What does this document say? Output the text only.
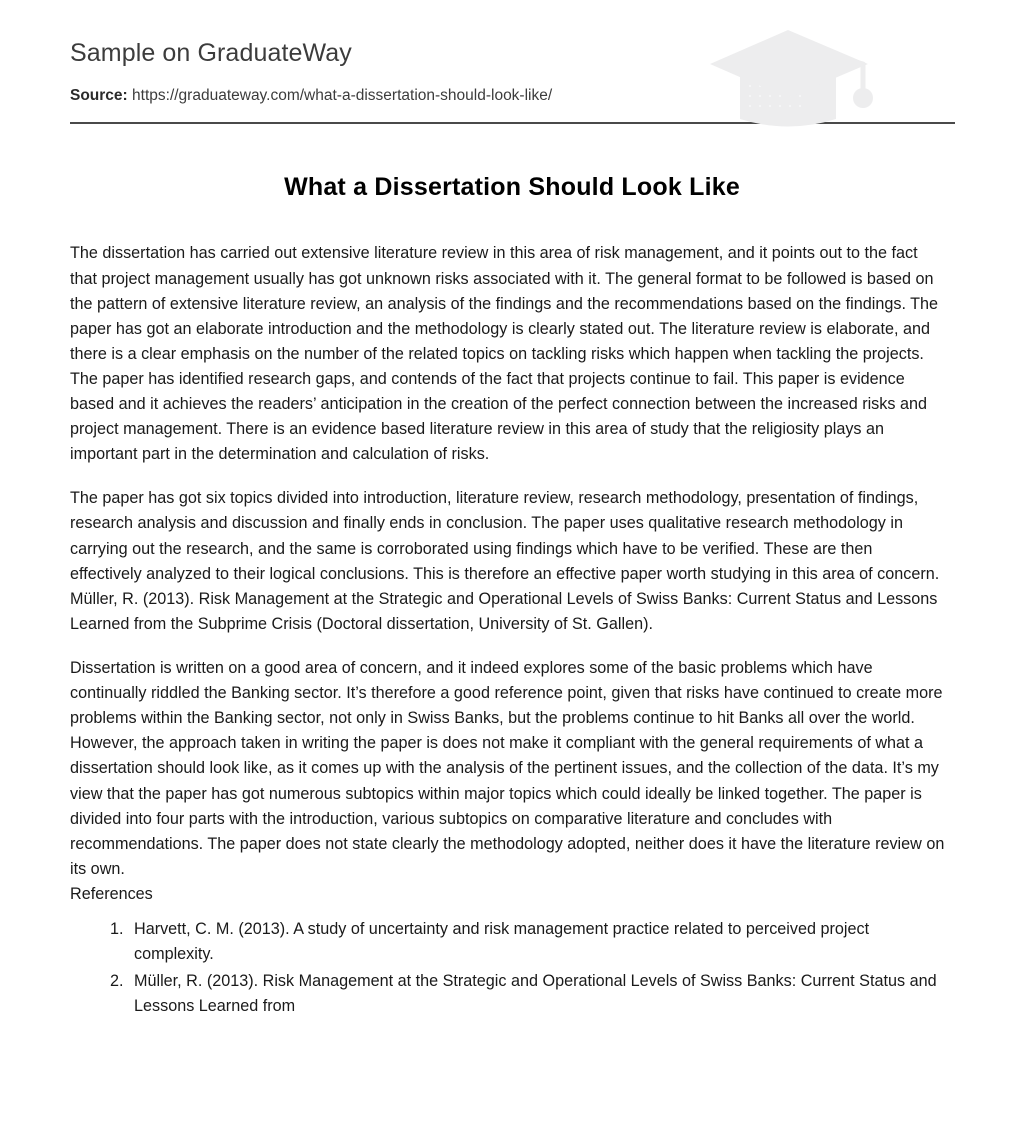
Sample on GraduateWay
Source: https://graduateway.com/what-a-dissertation-should-look-like/
What a Dissertation Should Look Like

The dissertation has carried out extensive literature review in this area of risk management, and it points out to the fact that project management usually has got unknown risks associated with it. The general format to be followed is based on the pattern of extensive literature review, an analysis of the findings and the recommendations based on the findings. The paper has got an elaborate introduction and the methodology is clearly stated out. The literature review is elaborate, and there is a clear emphasis on the number of the related topics on tackling risks which happen when tackling the projects. The paper has identified research gaps, and contends of the fact that projects continue to fail. This paper is evidence based and it achieves the readers’ anticipation in the creation of the perfect connection between the increased risks and project management. There is an evidence based literature review in this area of study that the religiosity plays an important part in the determination and calculation of risks.

The paper has got six topics divided into introduction, literature review, research methodology, presentation of findings, research analysis and discussion and finally ends in conclusion. The paper uses qualitative research methodology in carrying out the research, and the same is corroborated using findings which have to be verified. These are then effectively analyzed to their logical conclusions. This is therefore an effective paper worth studying in this area of concern. Müller, R. (2013). Risk Management at the Strategic and Operational Levels of Swiss Banks: Current Status and Lessons Learned from the Subprime Crisis (Doctoral dissertation, University of St. Gallen).

Dissertation is written on a good area of concern, and it indeed explores some of the basic problems which have continually riddled the Banking sector. It’s therefore a good reference point, given that risks have continued to create more problems within the Banking sector, not only in Swiss Banks, but the problems continue to hit Banks all over the world. However, the approach taken in writing the paper is does not make it compliant with the general requirements of what a dissertation should look like, as it comes up with the analysis of the pertinent issues, and the collection of the data. It’s my view that the paper has got numerous subtopics within major topics which could ideally be linked together. The paper is divided into four parts with the introduction, various subtopics on comparative literature and concludes with recommendations. The paper does not state clearly the methodology adopted, neither does it have the literature review on its own.

References
1. Harvett, C. M. (2013). A study of uncertainty and risk management practice related to perceived project complexity.
2. Müller, R. (2013). Risk Management at the Strategic and Operational Levels of Swiss Banks: Current Status and Lessons Learned from
